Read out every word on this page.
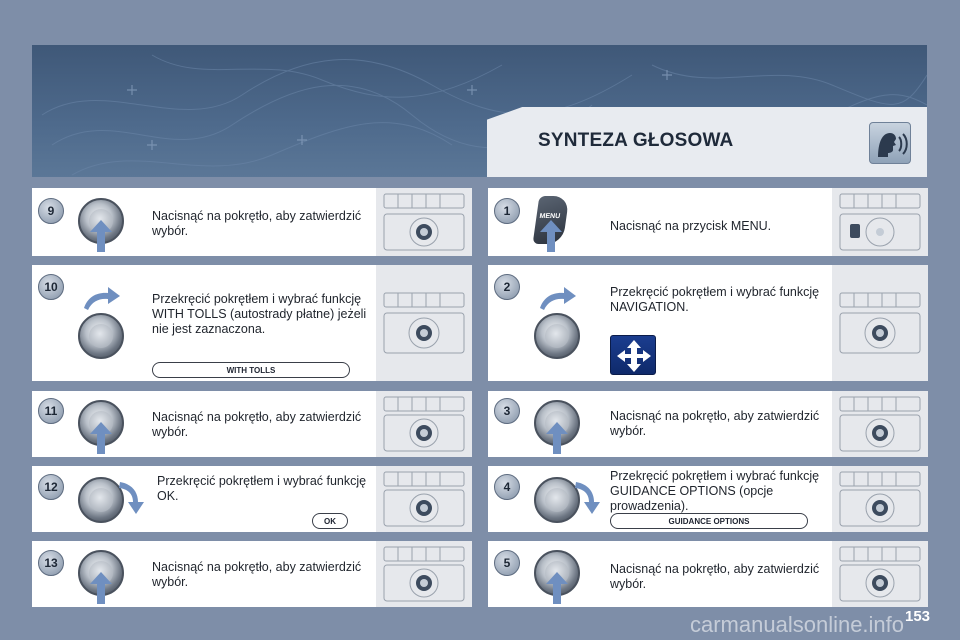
SYNTEZA GŁOSOWA
9	Nacisnąć na pokrętło, aby zatwierdzić wybór.
10
Przekręcić pokrętłem i wybrać funkcję WITH TOLLS (autostrady płatne) jeżeli nie jest zaznaczona.
WITH TOLLS
11	Nacisnąć na pokrętło, aby zatwierdzić wybór.
12	Przekręcić pokrętłem i wybrać funkcję OK.
OK
13	Nacisnąć na pokrętło, aby zatwierdzić wybór.
1	MENU
Nacisnąć na przycisk MENU.
2	Przekręcić pokrętłem i wybrać funkcję NAVIGATION.
3	Nacisnąć na pokrętło, aby zatwierdzić wybór.
4
Przekręcić pokrętłem i wybrać funkcję GUIDANCE OPTIONS (opcje prowadzenia).
GUIDANCE OPTIONS
5	Nacisnąć na pokrętło, aby zatwierdzić wybór.
carmanualsonline.info 153
